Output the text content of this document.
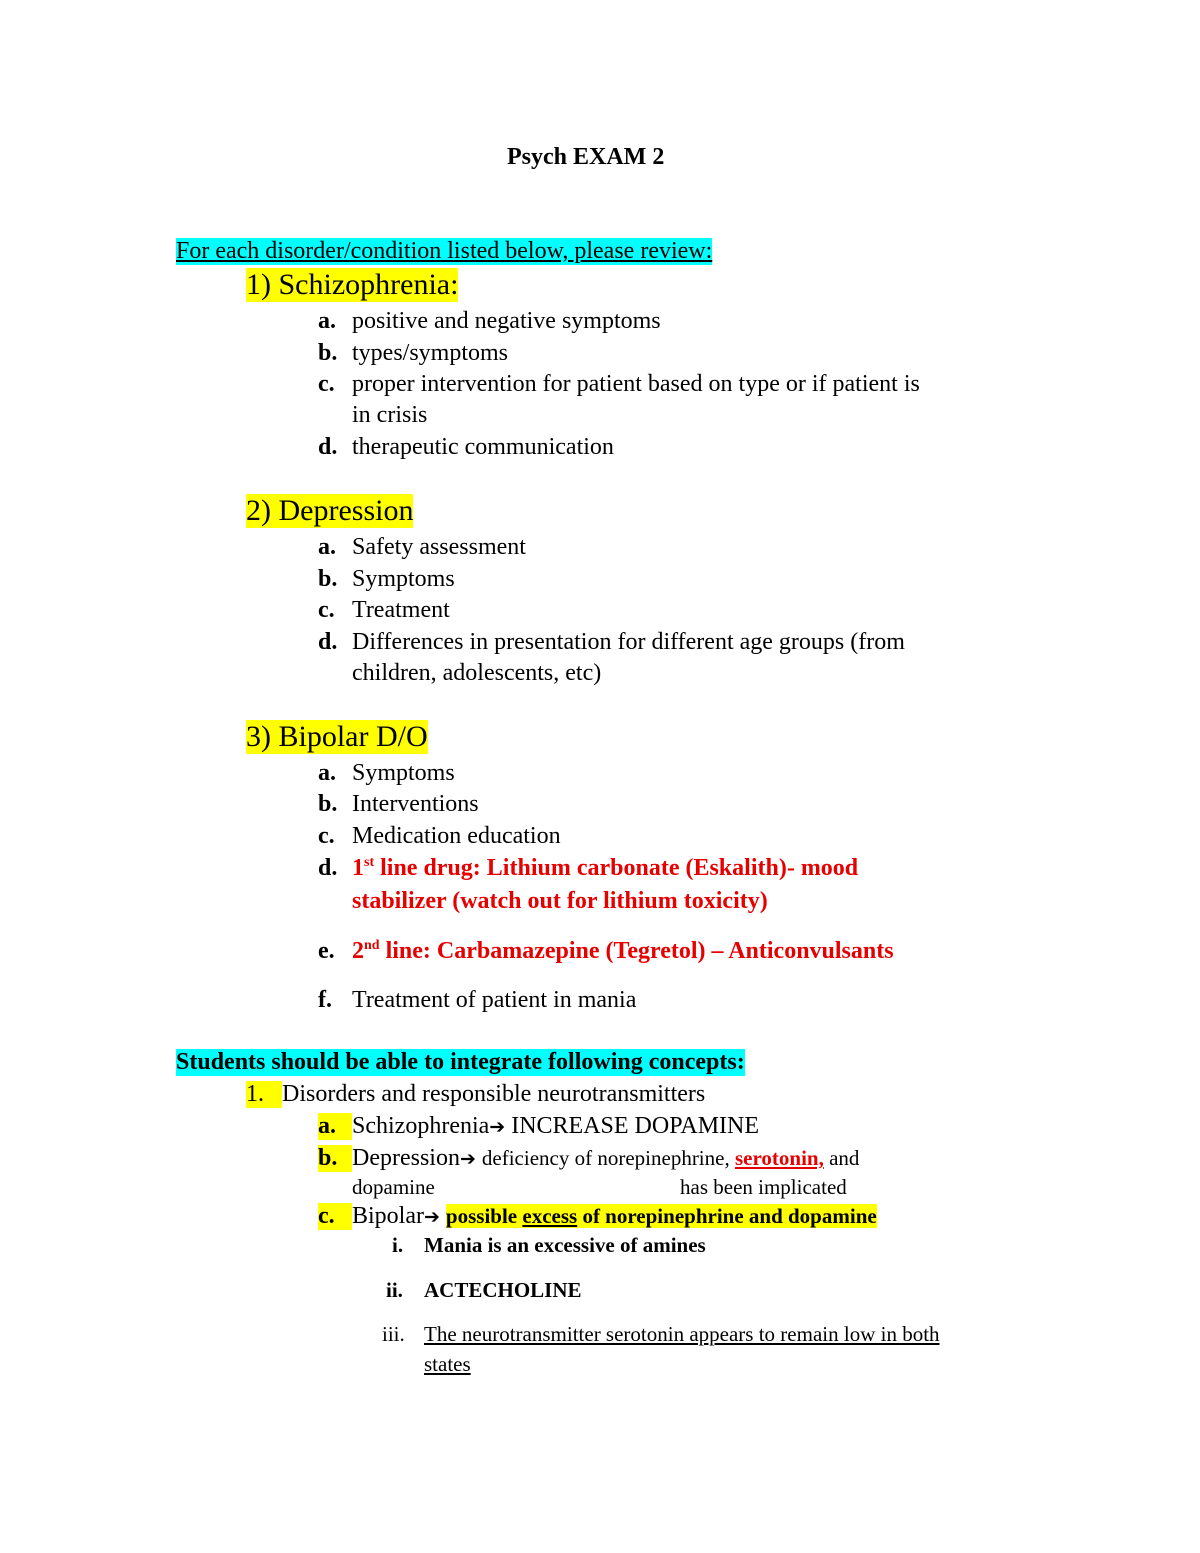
Psych EXAM 2
For each disorder/condition listed below, please review:
1) Schizophrenia:
a. positive and negative symptoms
b. types/symptoms
c. proper intervention for patient based on type or if patient is
in crisis
d. therapeutic communication
2) Depression
a. Safety assessment
b. Symptoms
c. Treatment
d. Differences in presentation for different age groups (from
children, adolescents, etc)
3) Bipolar D/O
a. Symptoms
b. Interventions
c. Medication education
d. 1st line drug: Lithium carbonate (Eskalith)- mood
stabilizer (watch out for lithium toxicity)
e. 2nd line: Carbamazepine (Tegretol) – Anticonvulsants
f. Treatment of patient in mania
Students should be able to integrate following concepts:
1. Disorders and responsible neurotransmitters
a. Schizophrenia➔ INCREASE DOPAMINE
b. Depression➔ deficiency of norepinephrine, serotonin, and
dopamine	has been implicated
c. Bipolar➔ possible excess of norepinephrine and dopamine
i. Mania is an excessive of amines
ii. ACTECHOLINE
iii. The neurotransmitter serotonin appears to remain low in both
states
